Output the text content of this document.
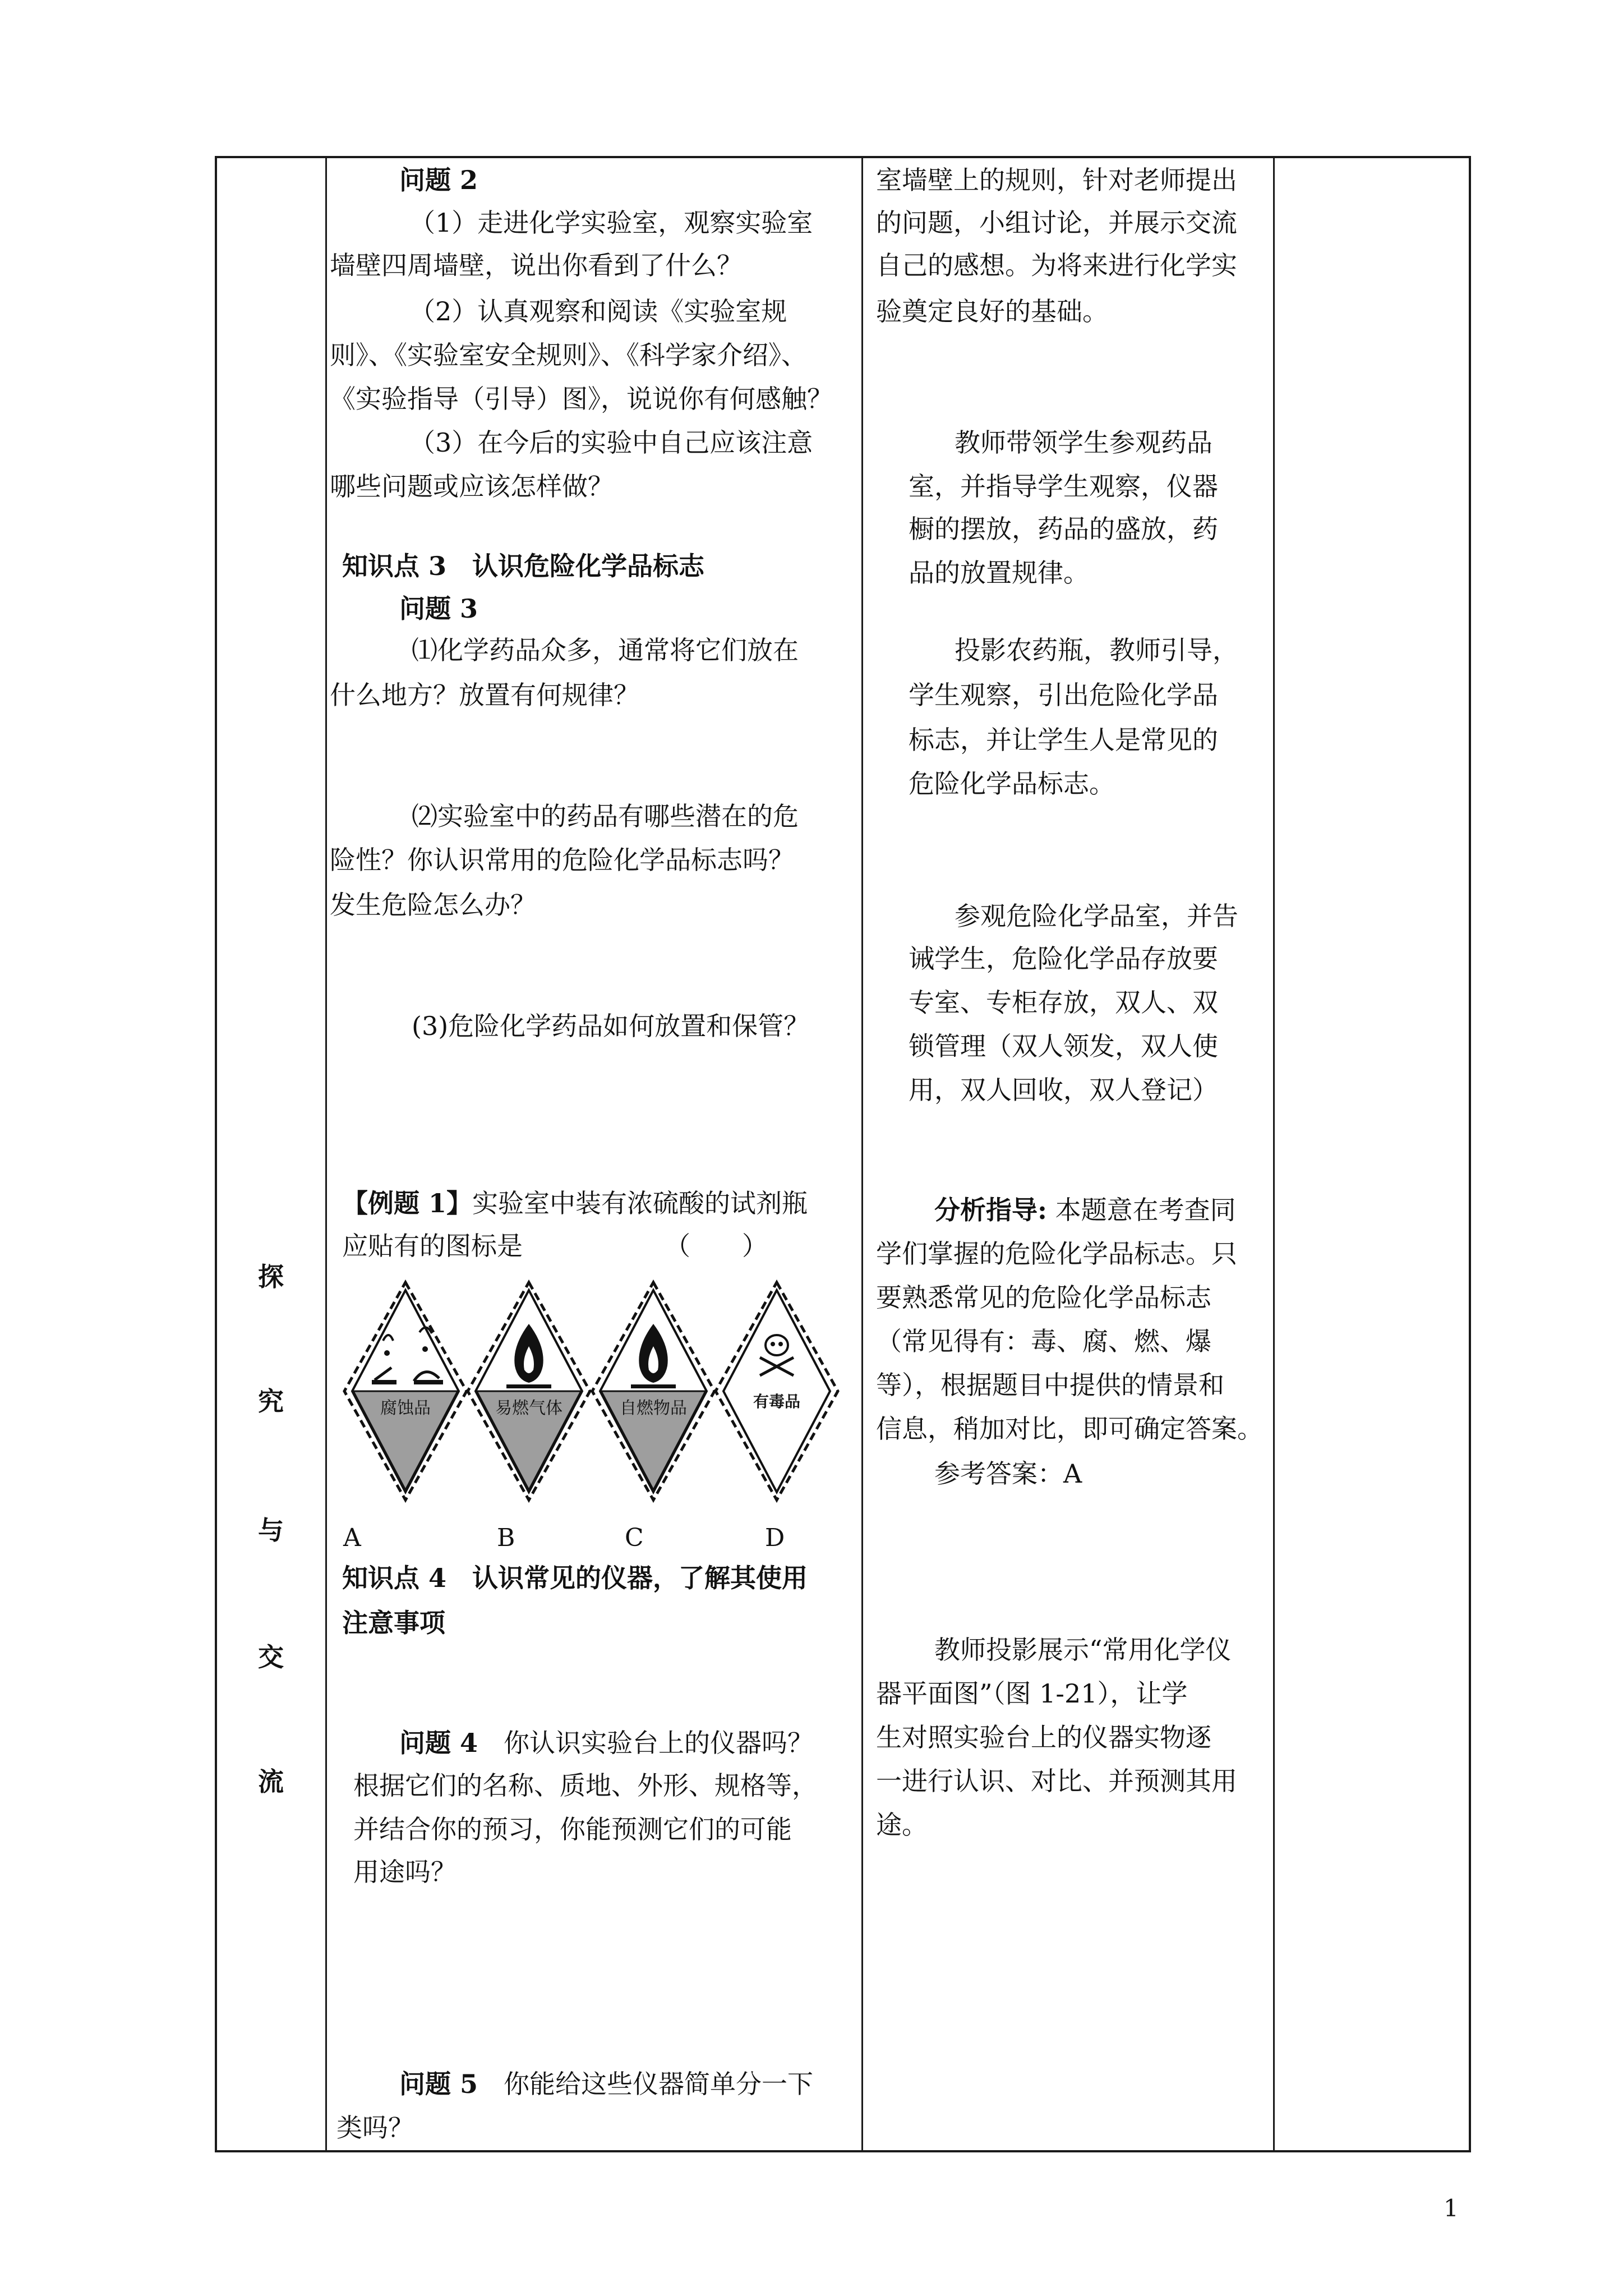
探
究
与
交
流
问题 2
（1）走进化学实验室，观察实验室
墙壁四周墙壁，说出你看到了什么？
（2）认真观察和阅读《实验室规
则》、《实验室安全规则》、《科学家介绍》、
《实验指导（引导）图》，说说你有何感触？
（3）在今后的实验中自己应该注意
哪些问题或应该怎样做？
知识点 3　认识危险化学品标志
问题 3
⑴化学药品众多，通常将它们放在
什么地方？放置有何规律？
⑵实验室中的药品有哪些潜在的危
险性？你认识常用的危险化学品标志吗？
发生危险怎么办？
(3)危险化学药品如何放置和保管？
【例题 1】实验室中装有浓硫酸的试剂瓶
应贴有的图标是　　　　　　（　　）
腐蚀品	易燃气体	自燃物品	有毒品
A	B	C	D
知识点 4　认识常见的仪器，了解其使用
注意事项
问题 4　你认识实验台上的仪器吗？
根据它们的名称、质地、外形、规格等，
并结合你的预习，你能预测它们的可能
用途吗？
问题 5　你能给这些仪器简单分一下
类吗？
室墙壁上的规则，针对老师提出
的问题，小组讨论，并展示交流
自己的感想。为将来进行化学实
验奠定良好的基础。
教师带领学生参观药品
室，并指导学生观察，仪器
橱的摆放，药品的盛放，药
品的放置规律。
投影农药瓶，教师引导，
学生观察，引出危险化学品
标志，并让学生人是常见的
危险化学品标志。
参观危险化学品室，并告
诫学生，危险化学品存放要
专室、专柜存放，双人、双
锁管理（双人领发，双人使
用，双人回收，双人登记）
分析指导: 本题意在考查同
学们掌握的危险化学品标志。只
要熟悉常见的危险化学品标志
（常见得有：毒、腐、燃、爆
等），根据题目中提供的情景和
信息，稍加对比，即可确定答案。
参考答案：A
教师投影展示“常用化学仪
器平面图”（图 1-21），让学
生对照实验台上的仪器实物逐
一进行认识、对比、并预测其用
途。
1
